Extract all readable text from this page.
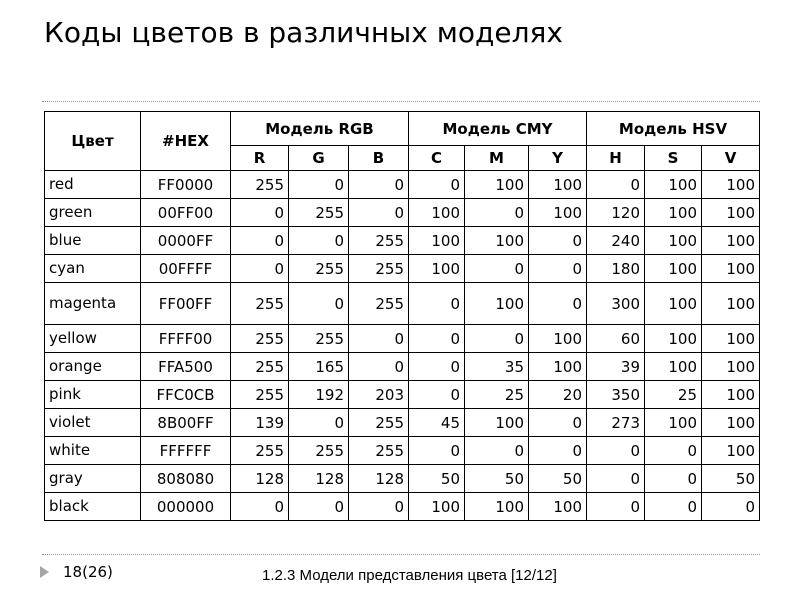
Коды цветов в различных моделях
Цвет	#HEX	Модель RGB			Модель CMY			Модель HSV		
		R	G	B	C	M	Y	H	S	V
red	FF0000	255	0	0	0	100	100	0	100	100
green	00FF00	0	255	0	100	0	100	120	100	100
blue	0000FF	0	0	255	100	100	0	240	100	100
cyan	00FFFF	0	255	255	100	0	0	180	100	100
magenta	FF00FF	255	0	255	0	100	0	300	100	100
yellow	FFFF00	255	255	0	0	0	100	60	100	100
orange	FFA500	255	165	0	0	35	100	39	100	100
pink	FFC0CB	255	192	203	0	25	20	350	25	100
violet	8B00FF	139	0	255	45	100	0	273	100	100
white	FFFFFF	255	255	255	0	0	0	0	0	100
gray	808080	128	128	128	50	50	50	0	0	50
black	000000	0	0	0	100	100	100	0	0	0
18(26)	1.2.3 Модели представления цвета [12/12]
